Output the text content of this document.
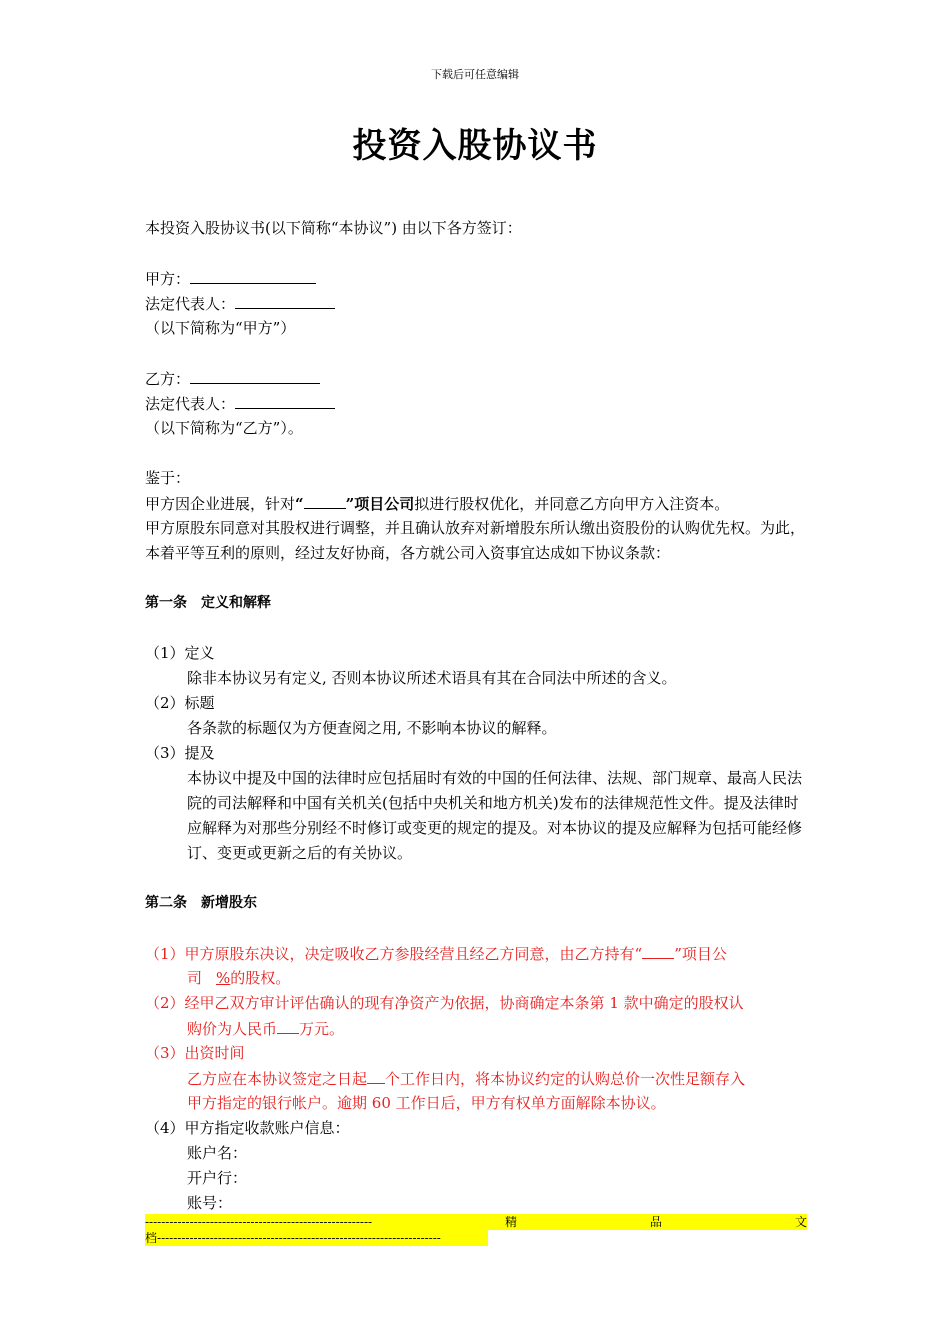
下载后可任意编辑
投资入股协议书
本投资入股协议书(以下简称“本协议”) 由以下各方签订：
甲方：
法定代表人：
（以下简称为“甲方”）
乙方：
法定代表人：
（以下简称为“乙方”）。
鉴于：
甲方因企业进展，针对“	”项目公司拟进行股权优化，并同意乙方向甲方入注资本。
甲方原股东同意对其股权进行调整，并且确认放弃对新增股东所认缴出资股份的认购优先权。为此，本着平等互利的原则，经过友好协商，各方就公司入资事宜达成如下协议条款：
第一条　定义和解释
（1）定义
除非本协议另有定义, 否则本协议所述术语具有其在合同法中所述的含义。
（2）标题
各条款的标题仅为方便查阅之用, 不影响本协议的解释。
（3）提及
本协议中提及中国的法律时应包括届时有效的中国的任何法律、法规、部门规章、最高人民法院的司法解释和中国有关机关(包括中央机关和地方机关)发布的法律规范性文件。提及法律时应解释为对那些分别经不时修订或变更的规定的提及。对本协议的提及应解释为包括可能经修订、变更或更新之后的有关协议。
第二条　新增股东
（1）甲方原股东决议，决定吸收乙方参股经营且经乙方同意，由乙方持有“ ”项目公
司 %的股权。
（2）经甲乙双方审计评估确认的现有净资产为依据，协商确定本条第 1 款中确定的股权认
购价为人民币 万元。
（3）出资时间
乙方应在本协议签定之日起 个工作日内，将本协议约定的认购总价一次性足额存入
甲方指定的银行帐户。逾期 60 工作日后，甲方有权单方面解除本协议。
（4）甲方指定收款账户信息：
账户名：
开户行：
账号：
--------------------------------------------------------	精	品	文
档----------------------------------------------------------------------
